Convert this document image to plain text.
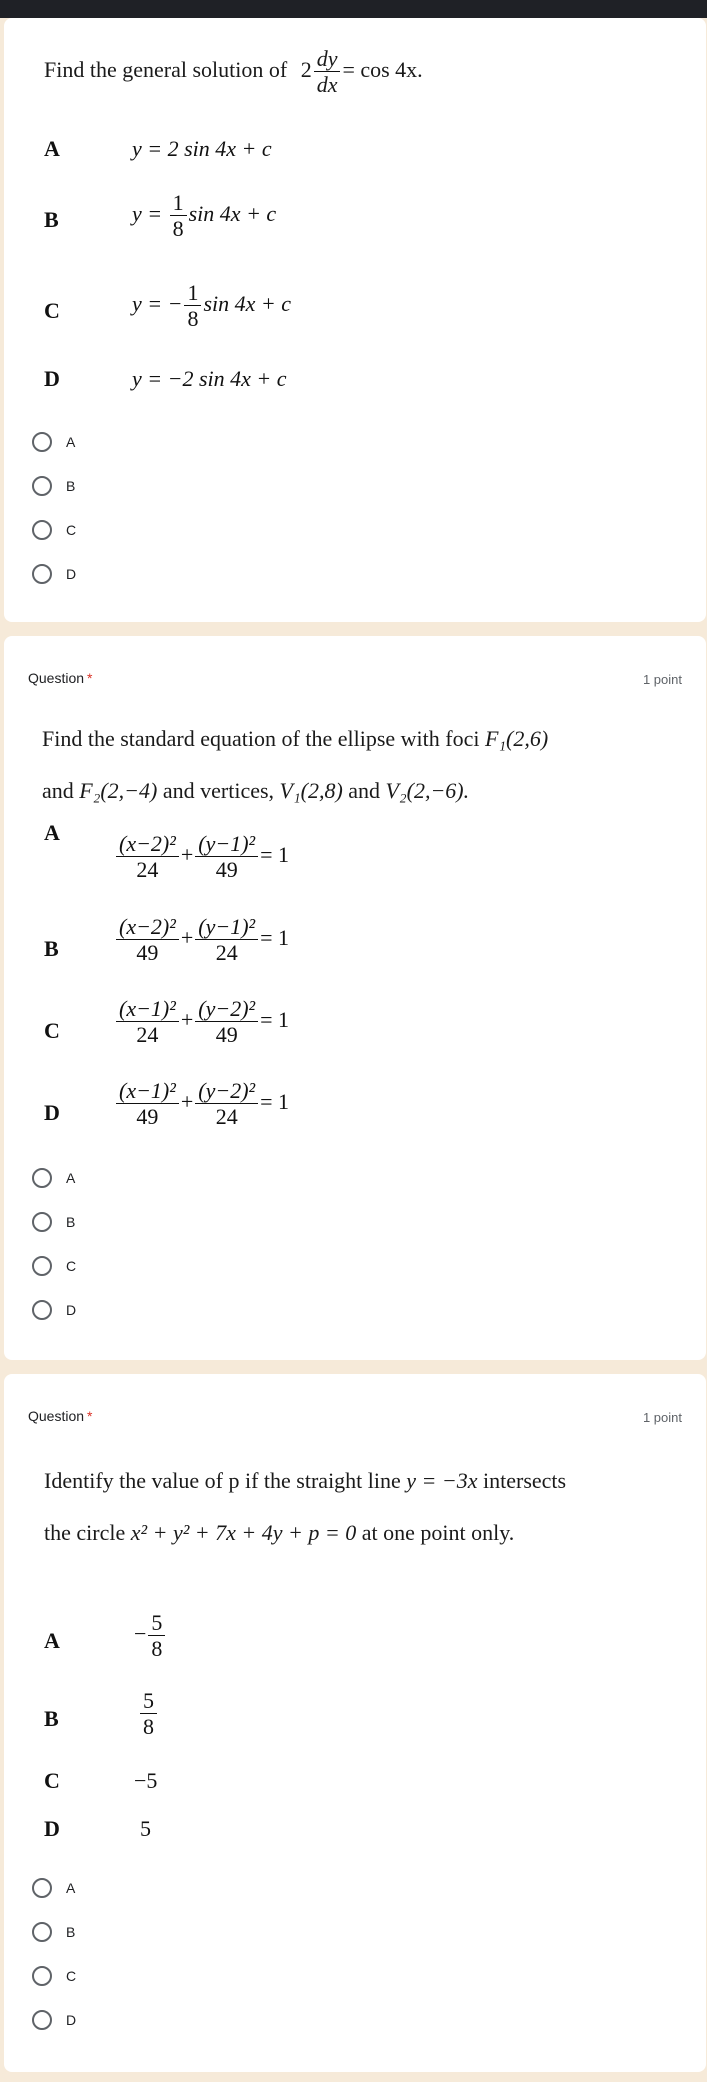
Find the general solution of $2 \frac{dy}{dx} = \cos 4x$.
A	y = 2 sin 4x + c
B	$y = \frac{1}{8}$ sin 4x + c
C	y = − $\frac{1}{8}$ sin 4x + c
D	y = −2 sin 4x + c
A
B
C
D
Question *	1 point
Find the standard equation of the ellipse with foci F₁(2,6)
and F₂(2,−4) and vertices, V₁(2,8) and V₂(2,−6).
A	$\frac{\text{(x−2)²}}{24} + \frac{\text{(y−1)²}}{49} = 1$
B	$\frac{\text{(x−2)²}}{49} + \frac{\text{(y−1)²}}{24} = 1$
C	$\frac{\text{(x−1)²}}{24} + \frac{\text{(y−2)²}}{49} = 1$
D	$\frac{\text{(x−1)²}}{49} + \frac{\text{(y−2)²}}{24} = 1$
A
B
C
D
Question *	1 point
Identify the value of p if the straight line y = −3x intersects
the circle x² + y² + 7x + 4y + p = 0 at one point only.
A	− $\frac{5}{8}$
B	$\frac{5}{8}$
C	−5
D	5
A
B
C
D
